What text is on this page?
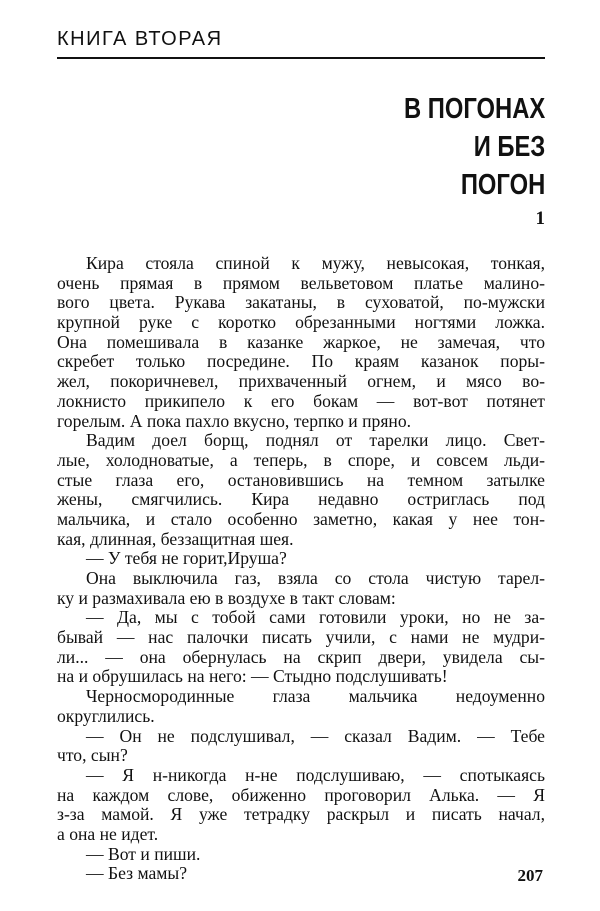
КНИГА ВТОРАЯ
В ПОГОНАХ
И БЕЗ
ПОГОН
1
Кира стояла спиной к мужу, невысокая, тонкая,
очень прямая в прямом вельветовом платье малино-
вого цвета. Рукава закатаны, в суховатой, по-мужски
крупной руке с коротко обрезанными ногтями ложка.
Она помешивала в казанке жаркое, не замечая, что
скребет только посредине. По краям казанок поры-
жел, покоричневел, прихваченный огнем, и мясо во-
локнисто прикипело к его бокам — вот-вот потянет
горелым. А пока пахло вкусно, терпко и пряно.
Вадим доел борщ, поднял от тарелки лицо. Свет-
лые, холодноватые, а теперь, в споре, и совсем льди-
стые глаза его, остановившись на темном затылке
жены, смягчились. Кира недавно остриглась под
мальчика, и стало особенно заметно, какая у нее тон-
кая, длинная, беззащитная шея.
— У тебя не горит,Ируша?
Она выключила газ, взяла со стола чистую тарел-
ку и размахивала ею в воздухе в такт словам:
— Да, мы с тобой сами готовили уроки, но не за-
бывай — нас палочки писать учили, с нами не мудри-
ли... — она обернулась на скрип двери, увидела сы-
на и обрушилась на него: — Стыдно подслушивать!
Черносмородинные глаза мальчика недоуменно
округлились.
— Он не подслушивал, — сказал Вадим. — Тебе
что, сын?
— Я н-никогда н-не подслушиваю, — спотыкаясь
на каждом слове, обиженно проговорил Алька. — Я
з-за мамой. Я уже тетрадку раскрыл и писать начал,
а она не идет.
— Вот и пиши.
— Без мамы?	207
